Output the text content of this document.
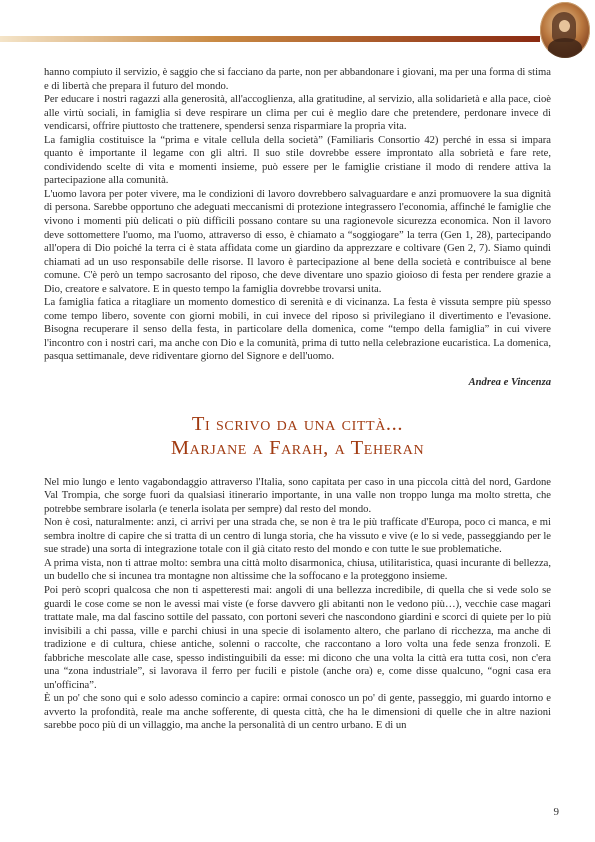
hanno compiuto il servizio, è saggio che si facciano da parte, non per abbandonare i giovani, ma per una forma di stima e di libertà che prepara il futuro del mondo.

Per educare i nostri ragazzi alla generosità, all'accoglienza, alla gratitudine, al servizio, alla solidarietà e alla pace, cioè alle virtù sociali, in famiglia si deve respirare un clima per cui è meglio dare che pretendere, perdonare invece di vendicarsi, offrire piuttosto che trattenere, spendersi senza risparmiare la propria vita.

La famiglia costituisce la “prima e vitale cellula della società” (Familiaris Consortio 42) perché in essa si impara quanto è importante il legame con gli altri. Il suo stile dovrebbe essere improntato alla sobrietà e fare rete, condividendo scelte di vita e momenti insieme, può essere per le famiglie cristiane il modo di rendere attiva la partecipazione alla comunità.

L'uomo lavora per poter vivere, ma le condizioni di lavoro dovrebbero salvaguardare e anzi promuovere la sua dignità di persona. Sarebbe opportuno che adeguati meccanismi di protezione integrassero l'economia, affinché le famiglie che vivono i momenti più delicati o più difficili possano contare su una ragionevole sicurezza economica. Non il lavoro deve sottomettere l'uomo, ma l'uomo, attraverso di esso, è chiamato a “soggiogare” la terra (Gen 1, 28), partecipando all'opera di Dio poiché la terra ci è stata affidata come un giardino da apprezzare e coltivare (Gen 2, 7). Siamo quindi chiamati ad un uso responsabile delle risorse. Il lavoro è partecipazione al bene della società e contribuisce al bene comune. C'è però un tempo sacrosanto del riposo, che deve diventare uno spazio gioioso di festa per rendere grazie a Dio, creatore e salvatore. E in questo tempo la famiglia dovrebbe trovarsi unita.

La famiglia fatica a ritagliare un momento domestico di serenità e di vicinanza. La festa è vissuta sempre più spesso come tempo libero, sovente con giorni mobili, in cui invece del riposo si privilegiano il divertimento e l'evasione. Bisogna recuperare il senso della festa, in particolare della domenica, come “tempo della famiglia” in cui vivere l'incontro con i nostri cari, ma anche con Dio e la comunità, prima di tutto nella celebrazione eucaristica. La domenica, pasqua settimanale, deve ridiventare giorno del Signore e dell'uomo.

Andrea e Vincenza
Ti scrivo da una città...
Marjane a Farah, a Teheran

Nel mio lungo e lento vagabondaggio attraverso l'Italia, sono capitata per caso in una piccola città del nord, Gardone Val Trompia, che sorge fuori da qualsiasi itinerario importante, in una valle non troppo lunga ma molto stretta, che potrebbe sembrare isolarla (e tenerla isolata per sempre) dal resto del mondo.

Non è così, naturalmente: anzi, ci arrivi per una strada che, se non è tra le più trafficate d'Europa, poco ci manca, e mi sembra inoltre di capire che si tratta di un centro di lunga storia, che ha vissuto e vive (e lo si vede, passeggiando per le sue strade) una sorta di integrazione totale con il già citato resto del mondo e con tutte le sue problematiche.

A prima vista, non ti attrae molto: sembra una città molto disarmonica, chiusa, utilitaristica, quasi incurante di bellezza, un budello che si incunea tra montagne non altissime che la soffocano e la proteggono insieme.

Poi però scopri qualcosa che non ti aspetteresti mai: angoli di una bellezza incredibile, di quella che si vede solo se guardi le cose come se non le avessi mai viste (e forse davvero gli abitanti non le vedono più…), vecchie case magari trattate male, ma dal fascino sottile del passato, con portoni severi che nascondono giardini e scorci di quiete per lo più invisibili a chi passa, ville e parchi chiusi in una specie di isolamento altero, che parlano di ricchezza, ma anche di tradizione e di cultura, chiese antiche, solenni o raccolte, che raccontano a loro volta una fede senza fronzoli. E fabbriche mescolate alle case, spesso indistinguibili da esse: mi dicono che una volta la città era tutta così, non c'era una “zona industriale”, si lavorava il ferro per fucili e pistole (anche ora) e, come disse qualcuno, “ogni casa era un'officina”.

È un po' che sono qui e solo adesso comincio a capire: ormai conosco un po' di gente, passeggio, mi guardo intorno e avverto la profondità, reale ma anche sofferente, di questa città, che ha le dimensioni di quelle che in altre nazioni sarebbe poco più di un villaggio, ma anche la personalità di un centro urbano. E di un

9
